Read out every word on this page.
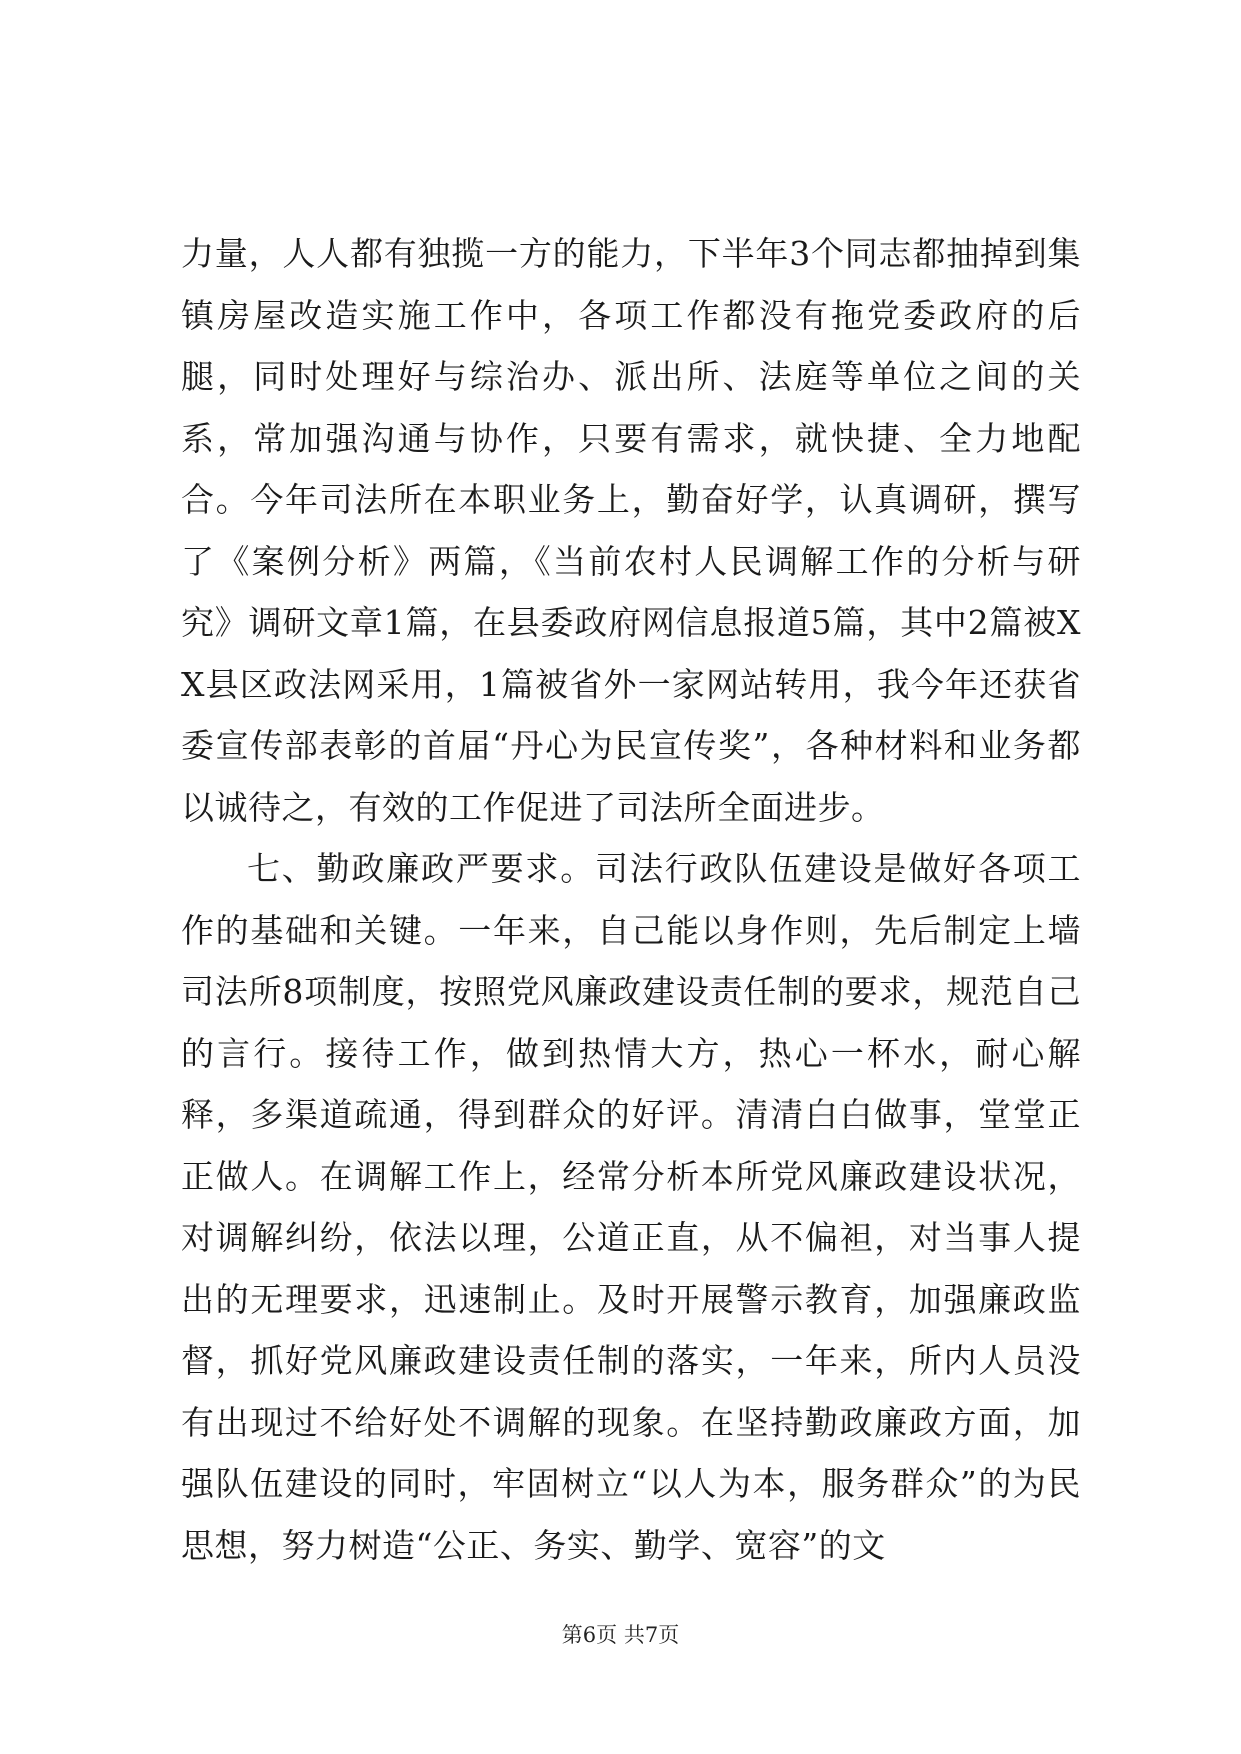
力量，人人都有独揽一方的能力，下半年3个同志都抽掉到集镇房屋改造实施工作中，各项工作都没有拖党委政府的后腿，同时处理好与综治办、派出所、法庭等单位之间的关系，常加强沟通与协作，只要有需求，就快捷、全力地配合。今年司法所在本职业务上，勤奋好学，认真调研，撰写了《案例分析》两篇，《当前农村人民调解工作的分析与研究》调研文章1篇，在县委政府网信息报道5篇，其中2篇被XX县区政法网采用，1篇被省外一家网站转用，我今年还获省委宣传部表彰的首届“丹心为民宣传奖”，各种材料和业务都以诚待之，有效的工作促进了司法所全面进步。

七、勤政廉政严要求。司法行政队伍建设是做好各项工作的基础和关键。一年来，自己能以身作则，先后制定上墙司法所8项制度，按照党风廉政建设责任制的要求，规范自己的言行。接待工作，做到热情大方，热心一杯水，耐心解释，多渠道疏通，得到群众的好评。清清白白做事，堂堂正正做人。在调解工作上，经常分析本所党风廉政建设状况，对调解纠纷，依法以理，公道正直，从不偏袒，对当事人提出的无理要求，迅速制止。及时开展警示教育，加强廉政监督，抓好党风廉政建设责任制的落实，一年来，所内人员没有出现过不给好处不调解的现象。在坚持勤政廉政方面，加强队伍建设的同时，牢固树立“以人为本，服务群众”的为民思想，努力树造“公正、务实、勤学、宽容”的文

第6页 共7页
